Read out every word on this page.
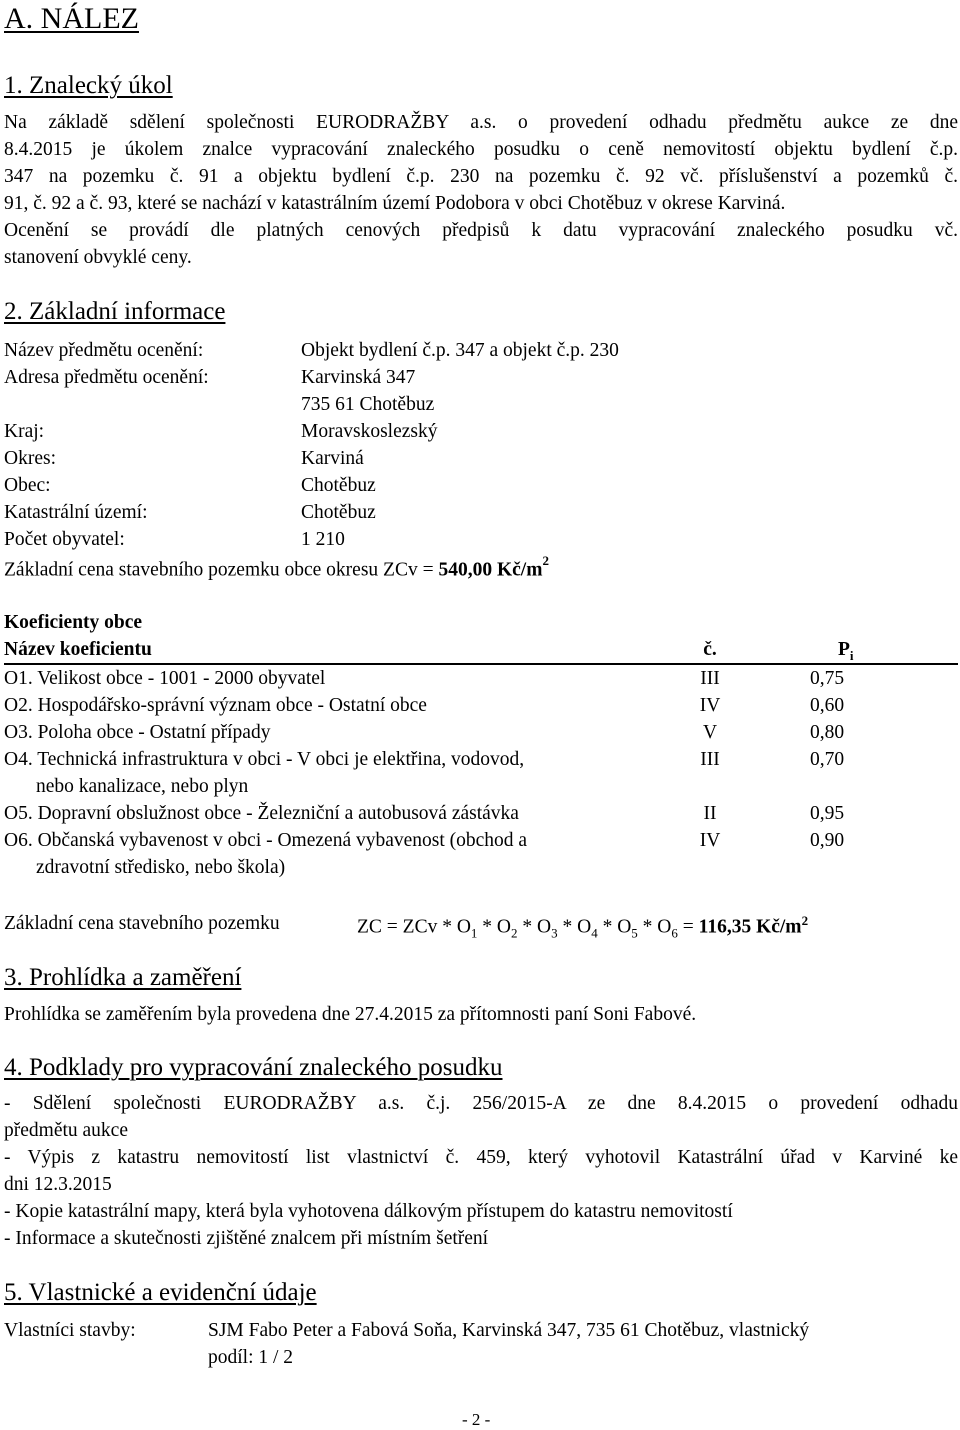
A. NÁLEZ
1. Znalecký úkol
Na základě sdělení společnosti EURODRAŽBY a.s. o provedení odhadu předmětu aukce ze dne
8.4.2015 je úkolem znalce vypracování znaleckého posudku o ceně nemovitostí objektu bydlení č.p.
347 na pozemku č. 91 a objektu bydlení č.p. 230 na pozemku č. 92 vč. příslušenství a pozemků č.
91, č. 92 a č. 93, které se nachází v katastrálním území Podobora v obci Chotěbuz v okrese Karviná.
Ocenění se provádí dle platných cenových předpisů k datu vypracování znaleckého posudku vč.
stanovení obvyklé ceny.
2. Základní informace
Název předmětu ocenění:	Objekt bydlení č.p. 347 a objekt č.p. 230
Adresa předmětu ocenění:	Karvinská 347
735 61 Chotěbuz
Kraj:	Moravskoslezský
Okres:	Karviná
Obec:	Chotěbuz
Katastrální území:	Chotěbuz
Počet obyvatel:	1 210
Základní cena stavebního pozemku obce okresu ZCv = 540,00 $Kč/m^2$
Koeficienty obce
Název koeficientu	č.	$P_i$
O1. Velikost obce - 1001 - 2000 obyvatel	III	0,75
O2. Hospodářsko-správní význam obce - Ostatní obce	IV	0,60
O3. Poloha obce - Ostatní případy	V	0,80
O4. Technická infrastruktura v obci - V obci je elektřina, vodovod,
nebo kanalizace, nebo plyn
III	0,70
O5. Dopravní obslužnost obce - Železniční a autobusová zástávka	II	0,95
O6. Občanská vybavenost v obci - Omezená vybavenost (obchod a
zdravotní středisko, nebo škola)
IV	0,90
Základní cena stavebního pozemku	ZC = ZCv * $O_1 * O_2 * O_3 * O_4 * O_5 * O_6 = 116,35$ $Kč/m^2$
3. Prohlídka a zaměření
Prohlídka se zaměřením byla provedena dne 27.4.2015 za přítomnosti paní Soni Fabové.
4. Podklady pro vypracování znaleckého posudku
- Sdělení společnosti EURODRAŽBY a.s. č.j. 256/2015-A ze dne 8.4.2015 o provedení odhadu
předmětu aukce
- Výpis z katastru nemovitostí list vlastnictví č. 459, který vyhotovil Katastrální úřad v Karviné ke
dni 12.3.2015
- Kopie katastrální mapy, která byla vyhotovena dálkovým přístupem do katastru nemovitostí
- Informace a skutečnosti zjištěné znalcem při místním šetření
5. Vlastnické a evidenční údaje
Vlastníci stavby:	SJM Fabo Peter a Fabová Soňa, Karvinská 347, 735 61 Chotěbuz, vlastnický
podíl: 1 / 2
- 2 -
